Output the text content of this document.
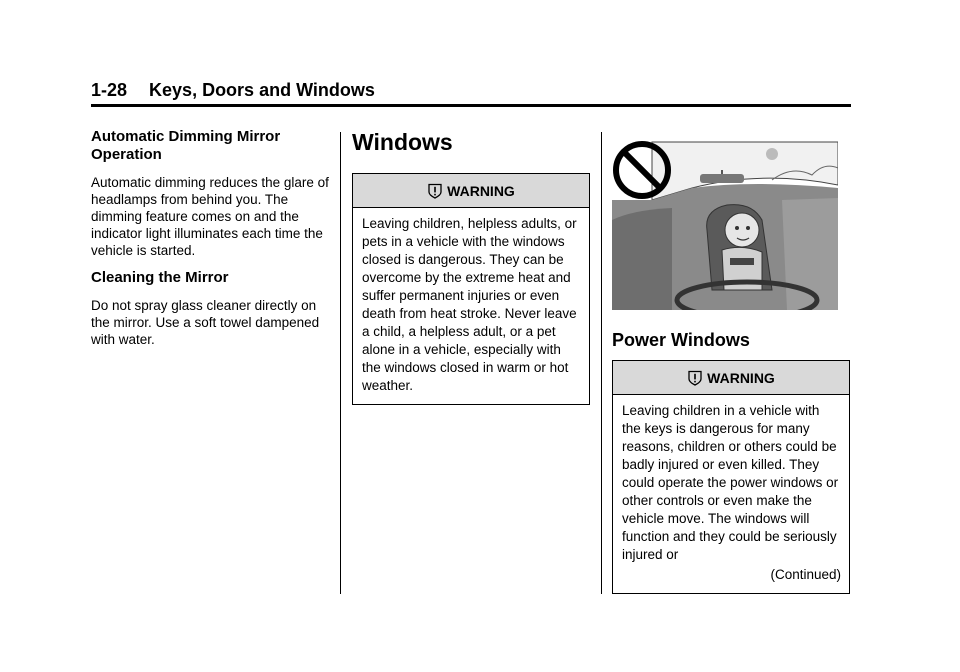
1-28 Keys, Doors and Windows
Automatic Dimming Mirror Operation

Automatic dimming reduces the glare of headlamps from behind you. The dimming feature comes on and the indicator light illuminates each time the vehicle is started.

Cleaning the Mirror

Do not spray glass cleaner directly on the mirror. Use a soft towel dampened with water.

Windows
WARNING
Leaving children, helpless adults, or pets in a vehicle with the windows closed is dangerous. They can be overcome by the extreme heat and suffer permanent injuries or even death from heat stroke. Never leave a child, a helpless adult, or a pet alone in a vehicle, especially with the windows closed in warm or hot weather.
Power Windows
WARNING
Leaving children in a vehicle with the keys is dangerous for many reasons, children or others could be badly injured or even killed. They could operate the power windows or other controls or even make the vehicle move. The windows will function and they could be seriously injured or
(Continued)
